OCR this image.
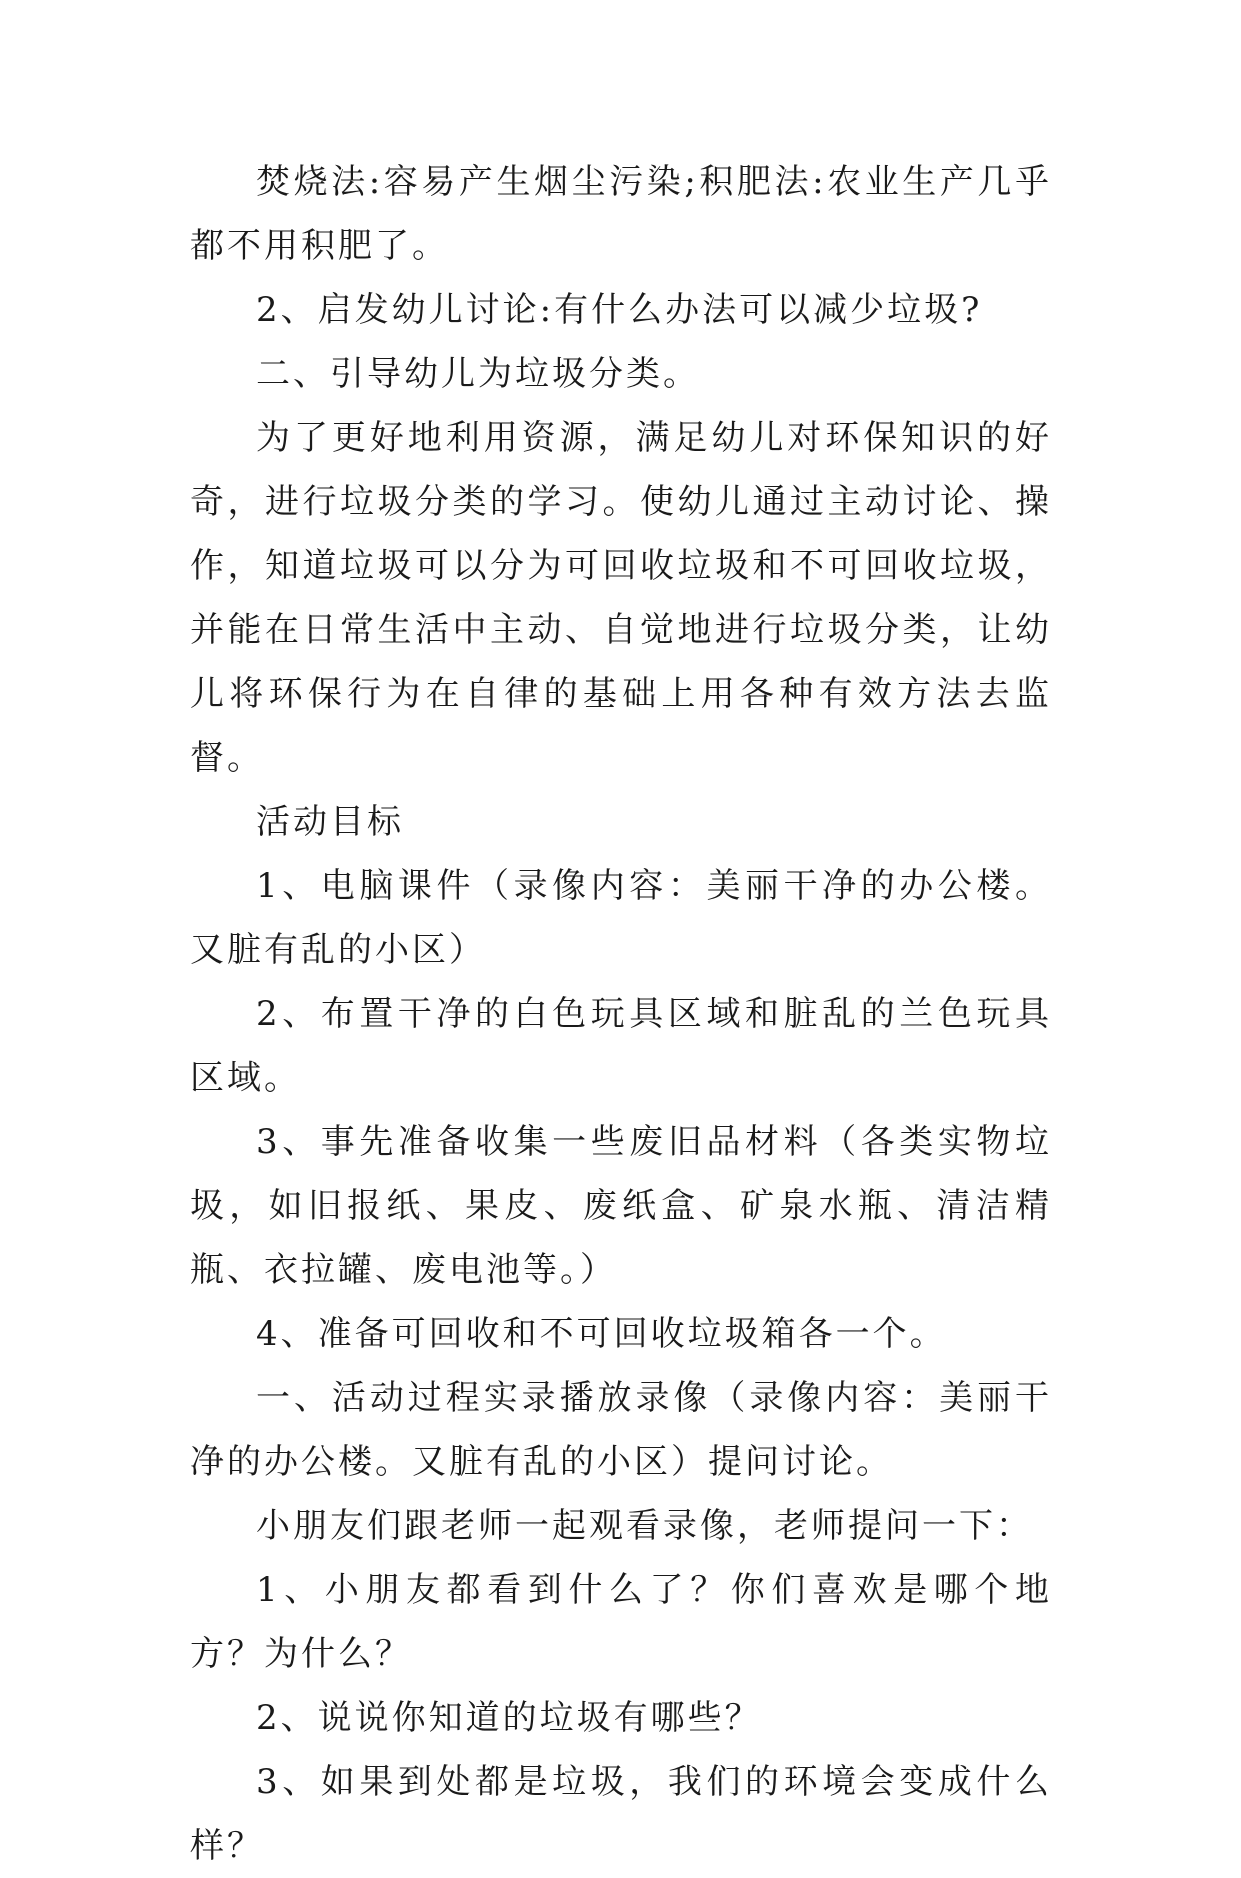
焚烧法:容易产生烟尘污染;积肥法:农业生产几乎都不用积肥了。

2、启发幼儿讨论:有什么办法可以减少垃圾?

二、引导幼儿为垃圾分类。

为了更好地利用资源，满足幼儿对环保知识的好奇，进行垃圾分类的学习。使幼儿通过主动讨论、操作，知道垃圾可以分为可回收垃圾和不可回收垃圾，并能在日常生活中主动、自觉地进行垃圾分类，让幼儿将环保行为在自律的基础上用各种有效方法去监督。

活动目标

1、电脑课件（录像内容：美丽干净的办公楼。又脏有乱的小区）

2、布置干净的白色玩具区域和脏乱的兰色玩具区域。

3、事先准备收集一些废旧品材料（各类实物垃圾，如旧报纸、果皮、废纸盒、矿泉水瓶、清洁精瓶、衣拉罐、废电池等。）

4、准备可回收和不可回收垃圾箱各一个。

一、活动过程实录播放录像（录像内容：美丽干净的办公楼。又脏有乱的小区）提问讨论。

小朋友们跟老师一起观看录像，老师提问一下：

1、小朋友都看到什么了？你们喜欢是哪个地方？为什么？

2、说说你知道的垃圾有哪些？

3、如果到处都是垃圾，我们的环境会变成什么样？
